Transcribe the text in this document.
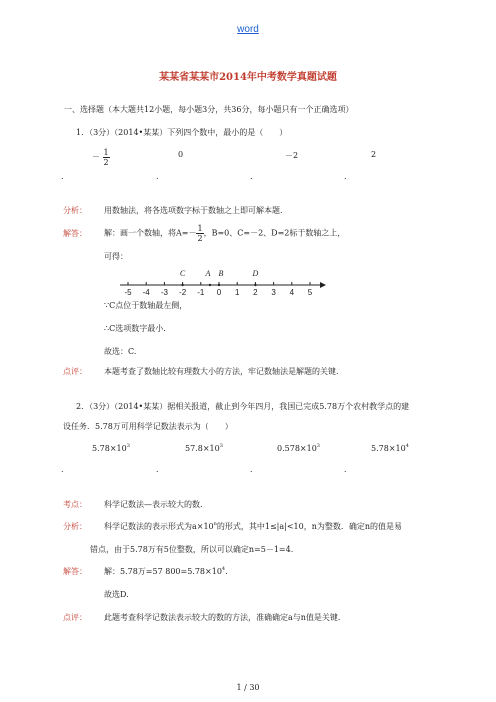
word
某某省某某市2014年中考数学真题试题
一、选择题（本大题共12小题，每小题3分，共36分，每小题只有一个正确选项）
1．（3分）（2014•某某）下列四个数中，最小的是（　　）
－ $\frac{1}{2}$	0	－2	2
.	.	.	.
分析： 用数轴法，将各选项数字标于数轴之上即可解本题.
解答： 解：画一个数轴，将$A=- \frac{1}{2}$ ，B=0、C=－2、D=2标于数轴之上，
可得：
-5 -4 -3 -2 -1 0 1 2 3 4 5
C	A B	D
∵C点位于数轴最左侧，
∴C选项数字最小.
故选：C.
点评： 本题考查了数轴比较有理数大小的方法，牢记数轴法是解题的关键.
2．（3分）（2014•某某）据相关报道，截止到今年四月，我国已完成5.78万个农村教学点的建
设任务．5.78万可用科学记数法表示为（　　）
$5.78\times 10^3$	$57.8\times 10^3$	$0.578\times 10^3$	$5.78\times 10^4$
.	.	.	.
考点： 科学记数法—表示较大的数.
分析： 科学记数法的表示形式为$a\times 10^n$的形式，其中1≤|a|<10，n为整数．确定n的值是易
错点，由于5.78万有5位整数，所以可以确定n=5－1=4.
解答： 解：5.78万=57 $800=5.78\times 10^4$.
故选D.
点评： 此题考查科学记数法表示较大的数的方法，准确确定a与n值是关键.
1 / 30
